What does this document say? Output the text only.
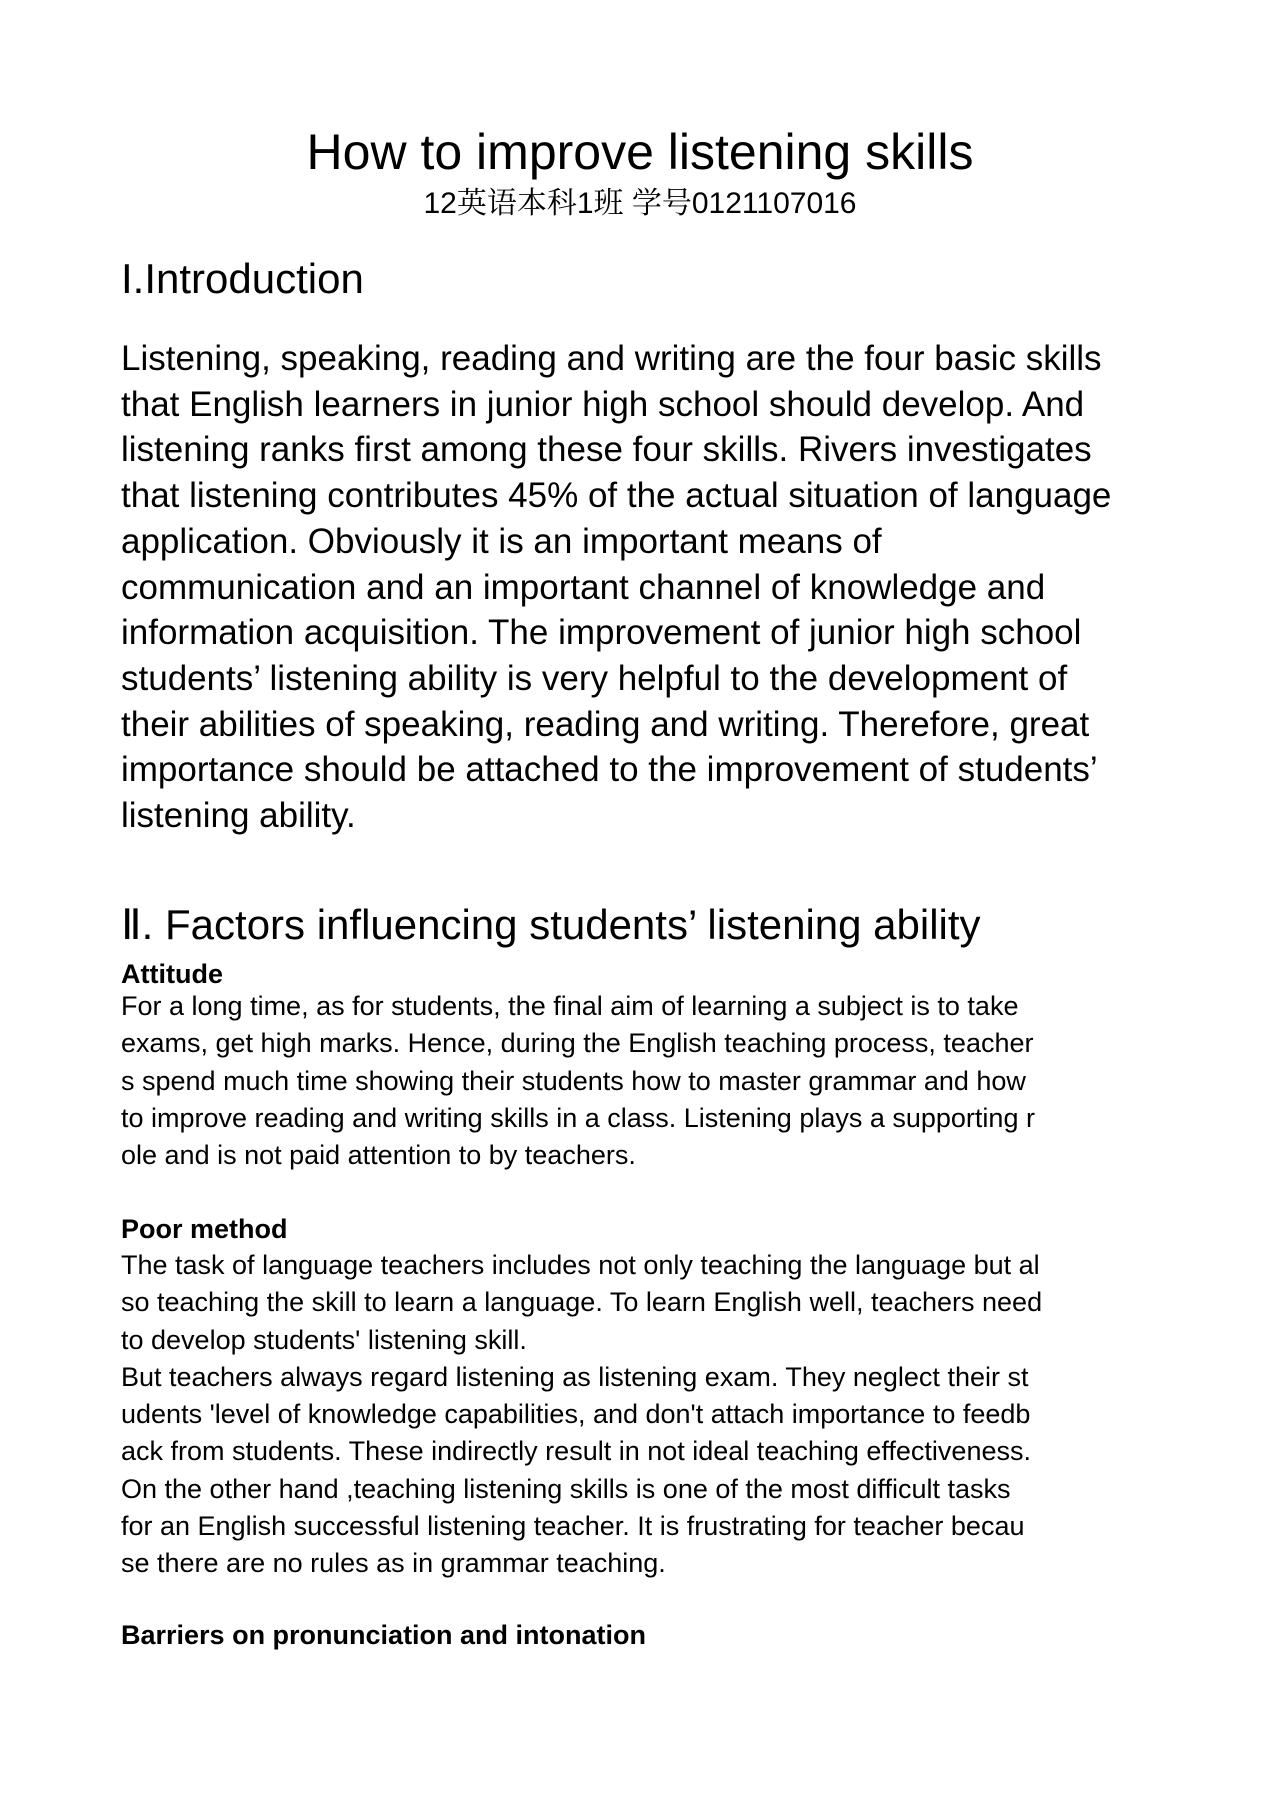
How to improve listening skills
12英语本科1班 学号0121107016
I.Introduction

Listening, speaking, reading and writing are the four basic skills
that English learners in junior high school should develop. And
listening ranks first among these four skills. Rivers investigates
that listening contributes 45% of the actual situation of language
application. Obviously it is an important means of
communication and an important channel of knowledge and
information acquisition. The improvement of junior high school
students’ listening ability is very helpful to the development of
their abilities of speaking, reading and writing. Therefore, great
importance should be attached to the improvement of students’
listening ability.

Ⅱ. Factors influencing students’ listening ability
Attitude

For a long time, as for students, the final aim of learning a subject is to take
exams, get high marks. Hence, during the English teaching process, teacher
s spend much time showing their students how to master grammar and how
to improve reading and writing skills in a class. Listening plays a supporting r
ole and is not paid attention to by teachers.

Poor method

The task of language teachers includes not only teaching the language but al
so teaching the skill to learn a language. To learn English well, teachers need
to develop students' listening skill.
But teachers always regard listening as listening exam. They neglect their st
udents 'level of knowledge capabilities, and don't attach importance to feedb
ack from students. These indirectly result in not ideal teaching effectiveness.
On the other hand ,teaching listening skills is one of the most difficult tasks
for an English successful listening teacher. It is frustrating for teacher becau
se there are no rules as in grammar teaching.

Barriers on pronunciation and intonation
